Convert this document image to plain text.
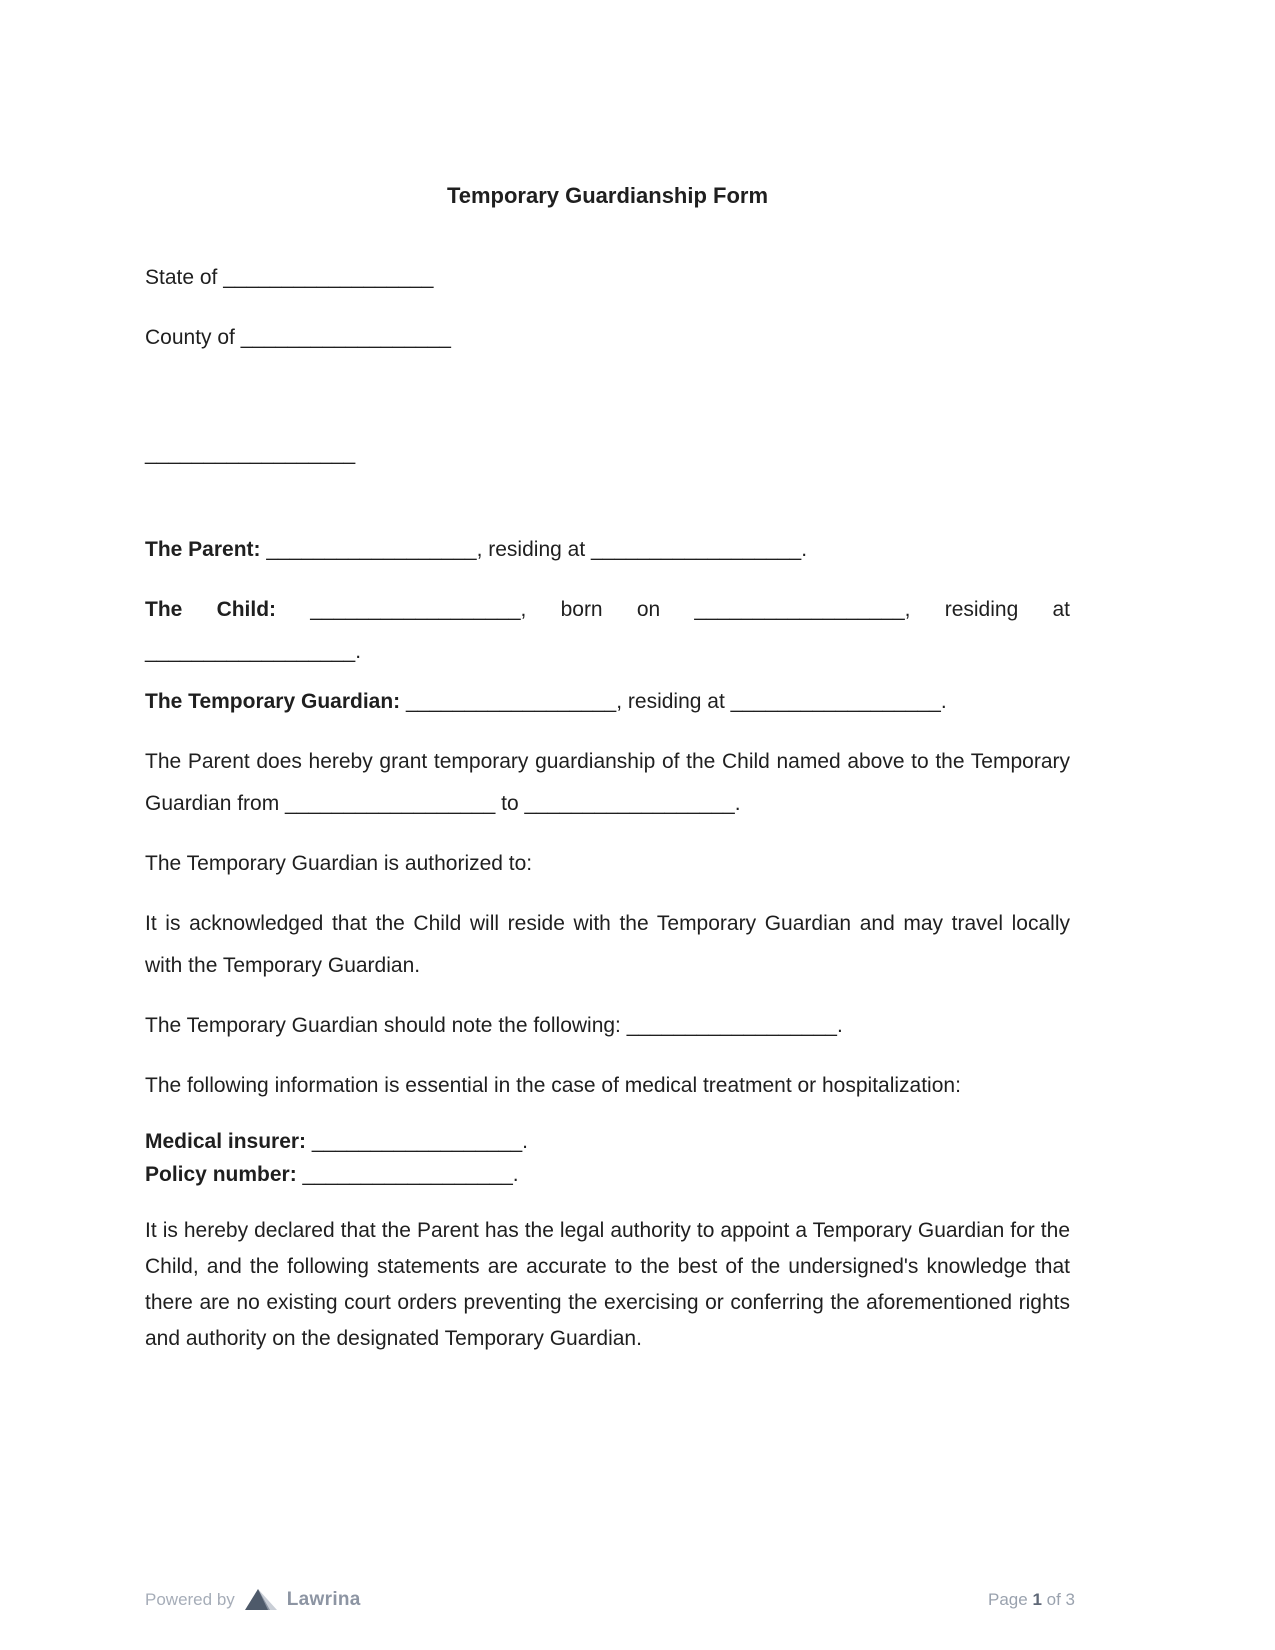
Temporary Guardianship Form

State of __________________

County of __________________

__________________

The Parent: __________________, residing at __________________.

The Child: __________________, born on __________________, residing at __________________.

The Temporary Guardian: __________________, residing at __________________.

The Parent does hereby grant temporary guardianship of the Child named above to the Temporary Guardian from __________________ to __________________.

The Temporary Guardian is authorized to:

It is acknowledged that the Child will reside with the Temporary Guardian and may travel locally with the Temporary Guardian.

The Temporary Guardian should note the following: __________________.

The following information is essential in the case of medical treatment or hospitalization:

Medical insurer: __________________.

Policy number: __________________.

It is hereby declared that the Parent has the legal authority to appoint a Temporary Guardian for the Child, and the following statements are accurate to the best of the undersigned's knowledge that there are no existing court orders preventing the exercising or conferring the aforementioned rights and authority on the designated Temporary Guardian.

Powered by	Lawrina	Page 1 of 3
